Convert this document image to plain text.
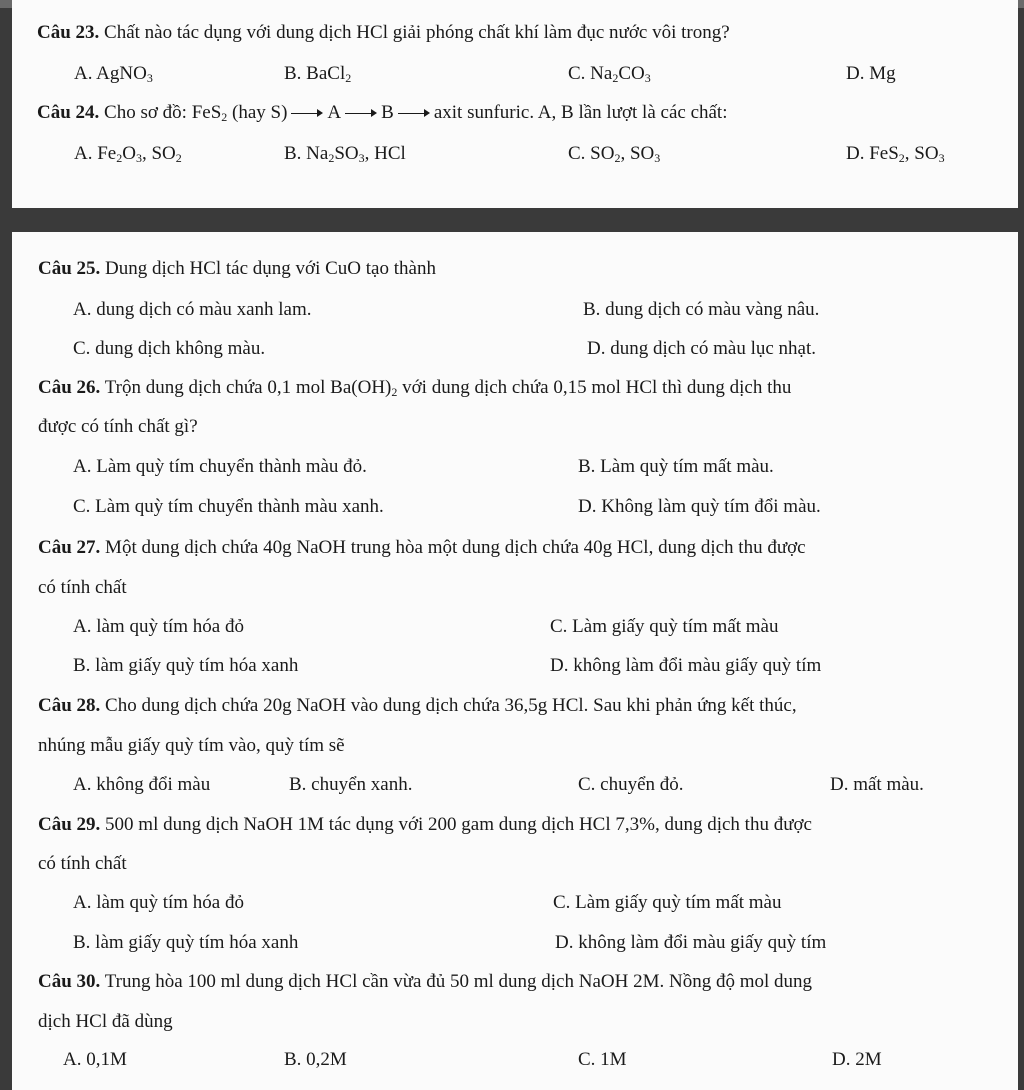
Câu 23. Chất nào tác dụng với dung dịch HCl giải phóng chất khí làm đục nước vôi trong?
A. AgNO$_3$	B. BaCl$_2$	C. $Na_2CO_3$	D. Mg
Câu 24. Cho sơ đồ: FeS$_2$ (hay S) A B axit sunfuric. A, B lần lượt là các chất:
A. $Fe_2O_3$, $SO_2$	B. $Na_2SO_3$, HCl	C. $SO_2$, $SO_3$	D. FeS$_2$, $SO_3$
Câu 25. Dung dịch HCl tác dụng với CuO tạo thành
A. dung dịch có màu xanh lam.	B. dung dịch có màu vàng nâu.
C. dung dịch không màu.	D. dung dịch có màu lục nhạt.
Câu 26. Trộn dung dịch chứa 0,1 mol $Ba(OH)_2$ với dung dịch chứa 0,15 mol HCl thì dung dịch thu
được có tính chất gì?
A. Làm quỳ tím chuyển thành màu đỏ.	B. Làm quỳ tím mất màu.
C. Làm quỳ tím chuyển thành màu xanh.	D. Không làm quỳ tím đổi màu.
Câu 27. Một dung dịch chứa 40g NaOH trung hòa một dung dịch chứa 40g HCl, dung dịch thu được
có tính chất
A. làm quỳ tím hóa đỏ	C. Làm giấy quỳ tím mất màu
B. làm giấy quỳ tím hóa xanh	D. không làm đổi màu giấy quỳ tím
Câu 28. Cho dung dịch chứa 20g NaOH vào dung dịch chứa 36,5g HCl. Sau khi phản ứng kết thúc,
nhúng mẫu giấy quỳ tím vào, quỳ tím sẽ
A. không đổi màu	B. chuyển xanh.	C. chuyển đỏ.	D. mất màu.
Câu 29. 500 ml dung dịch NaOH 1M tác dụng với 200 gam dung dịch HCl 7,3%, dung dịch thu được
có tính chất
A. làm quỳ tím hóa đỏ	C. Làm giấy quỳ tím mất màu
B. làm giấy quỳ tím hóa xanh	D. không làm đổi màu giấy quỳ tím
Câu 30. Trung hòa 100 ml dung dịch HCl cần vừa đủ 50 ml dung dịch NaOH 2M. Nồng độ mol dung
dịch HCl đã dùng
A. 0,1M	B. 0,2M	C. 1M	D. 2M
